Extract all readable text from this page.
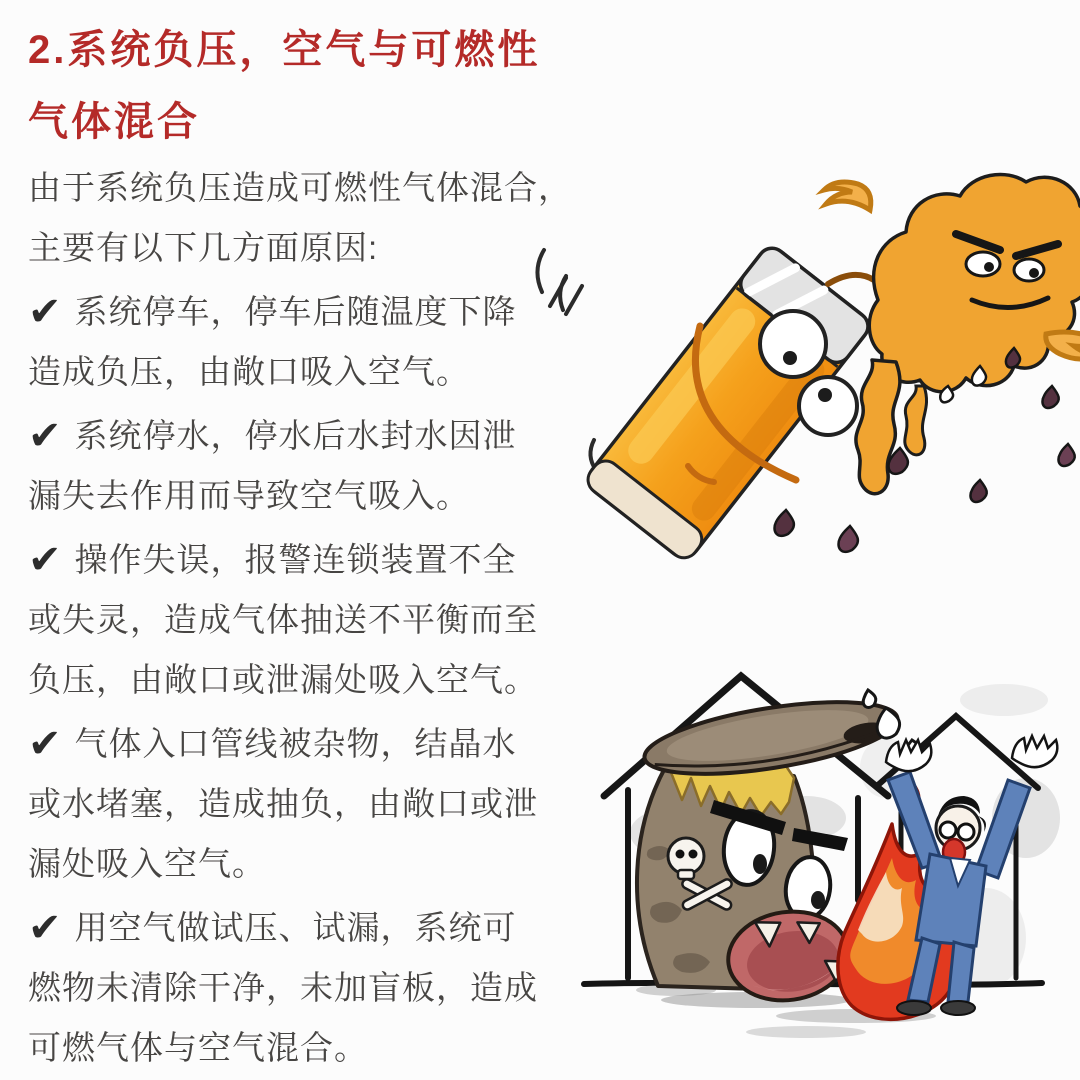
2.系统负压，空气与可燃性
气体混合

由于系统负压造成可燃性气体混合，
主要有以下几方面原因:

✔ 系统停车，停车后随温度下降
造成负压，由敞口吸入空气。

✔ 系统停水，停水后水封水因泄
漏失去作用而导致空气吸入。

✔ 操作失误，报警连锁装置不全
或失灵，造成气体抽送不平衡而至
负压，由敞口或泄漏处吸入空气。

✔ 气体入口管线被杂物，结晶水
或水堵塞，造成抽负，由敞口或泄
漏处吸入空气。

✔ 用空气做试压、试漏，系统可
燃物未清除干净，未加盲板，造成
可燃气体与空气混合。
